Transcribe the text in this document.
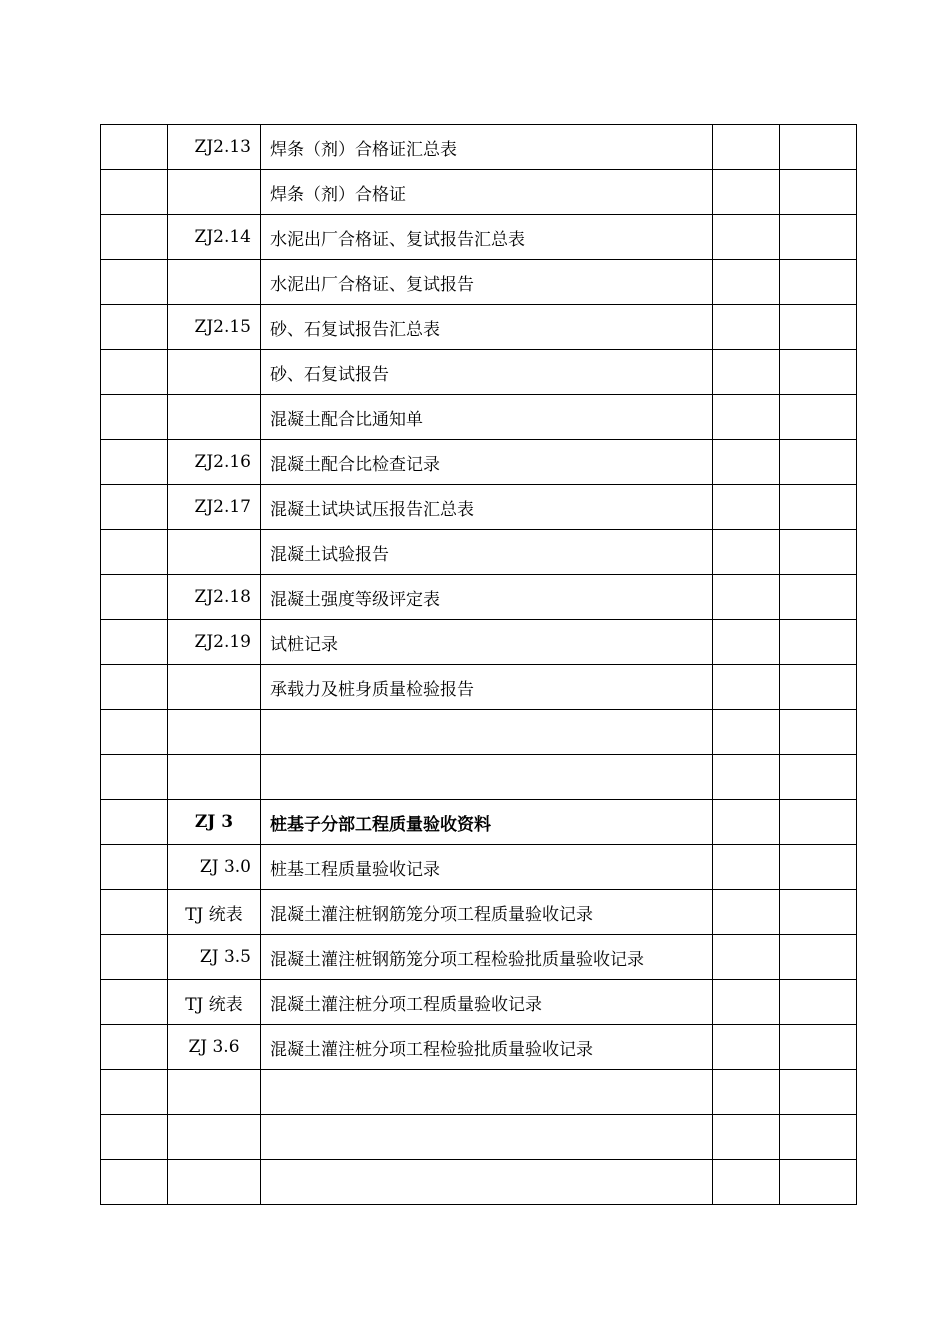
	ZJ2.13	焊条（剂）合格证汇总表		
		焊条（剂）合格证		
	ZJ2.14	水泥出厂合格证、复试报告汇总表		
		水泥出厂合格证、复试报告		
	ZJ2.15	砂、石复试报告汇总表		
		砂、石复试报告		
		混凝土配合比通知单		
	ZJ2.16	混凝土配合比检查记录		
	ZJ2.17	混凝土试块试压报告汇总表		
		混凝土试验报告		
	ZJ2.18	混凝土强度等级评定表		
	ZJ2.19	试桩记录		
		承载力及桩身质量检验报告		

	ZJ 3	桩基子分部工程质量验收资料		
	ZJ 3.0	桩基工程质量验收记录		
	TJ 统表	混凝土灌注桩钢筋笼分项工程质量验收记录		
	ZJ 3.5	混凝土灌注桩钢筋笼分项工程检验批质量验收记录		
	TJ 统表	混凝土灌注桩分项工程质量验收记录		
	ZJ 3.6	混凝土灌注桩分项工程检验批质量验收记录		
